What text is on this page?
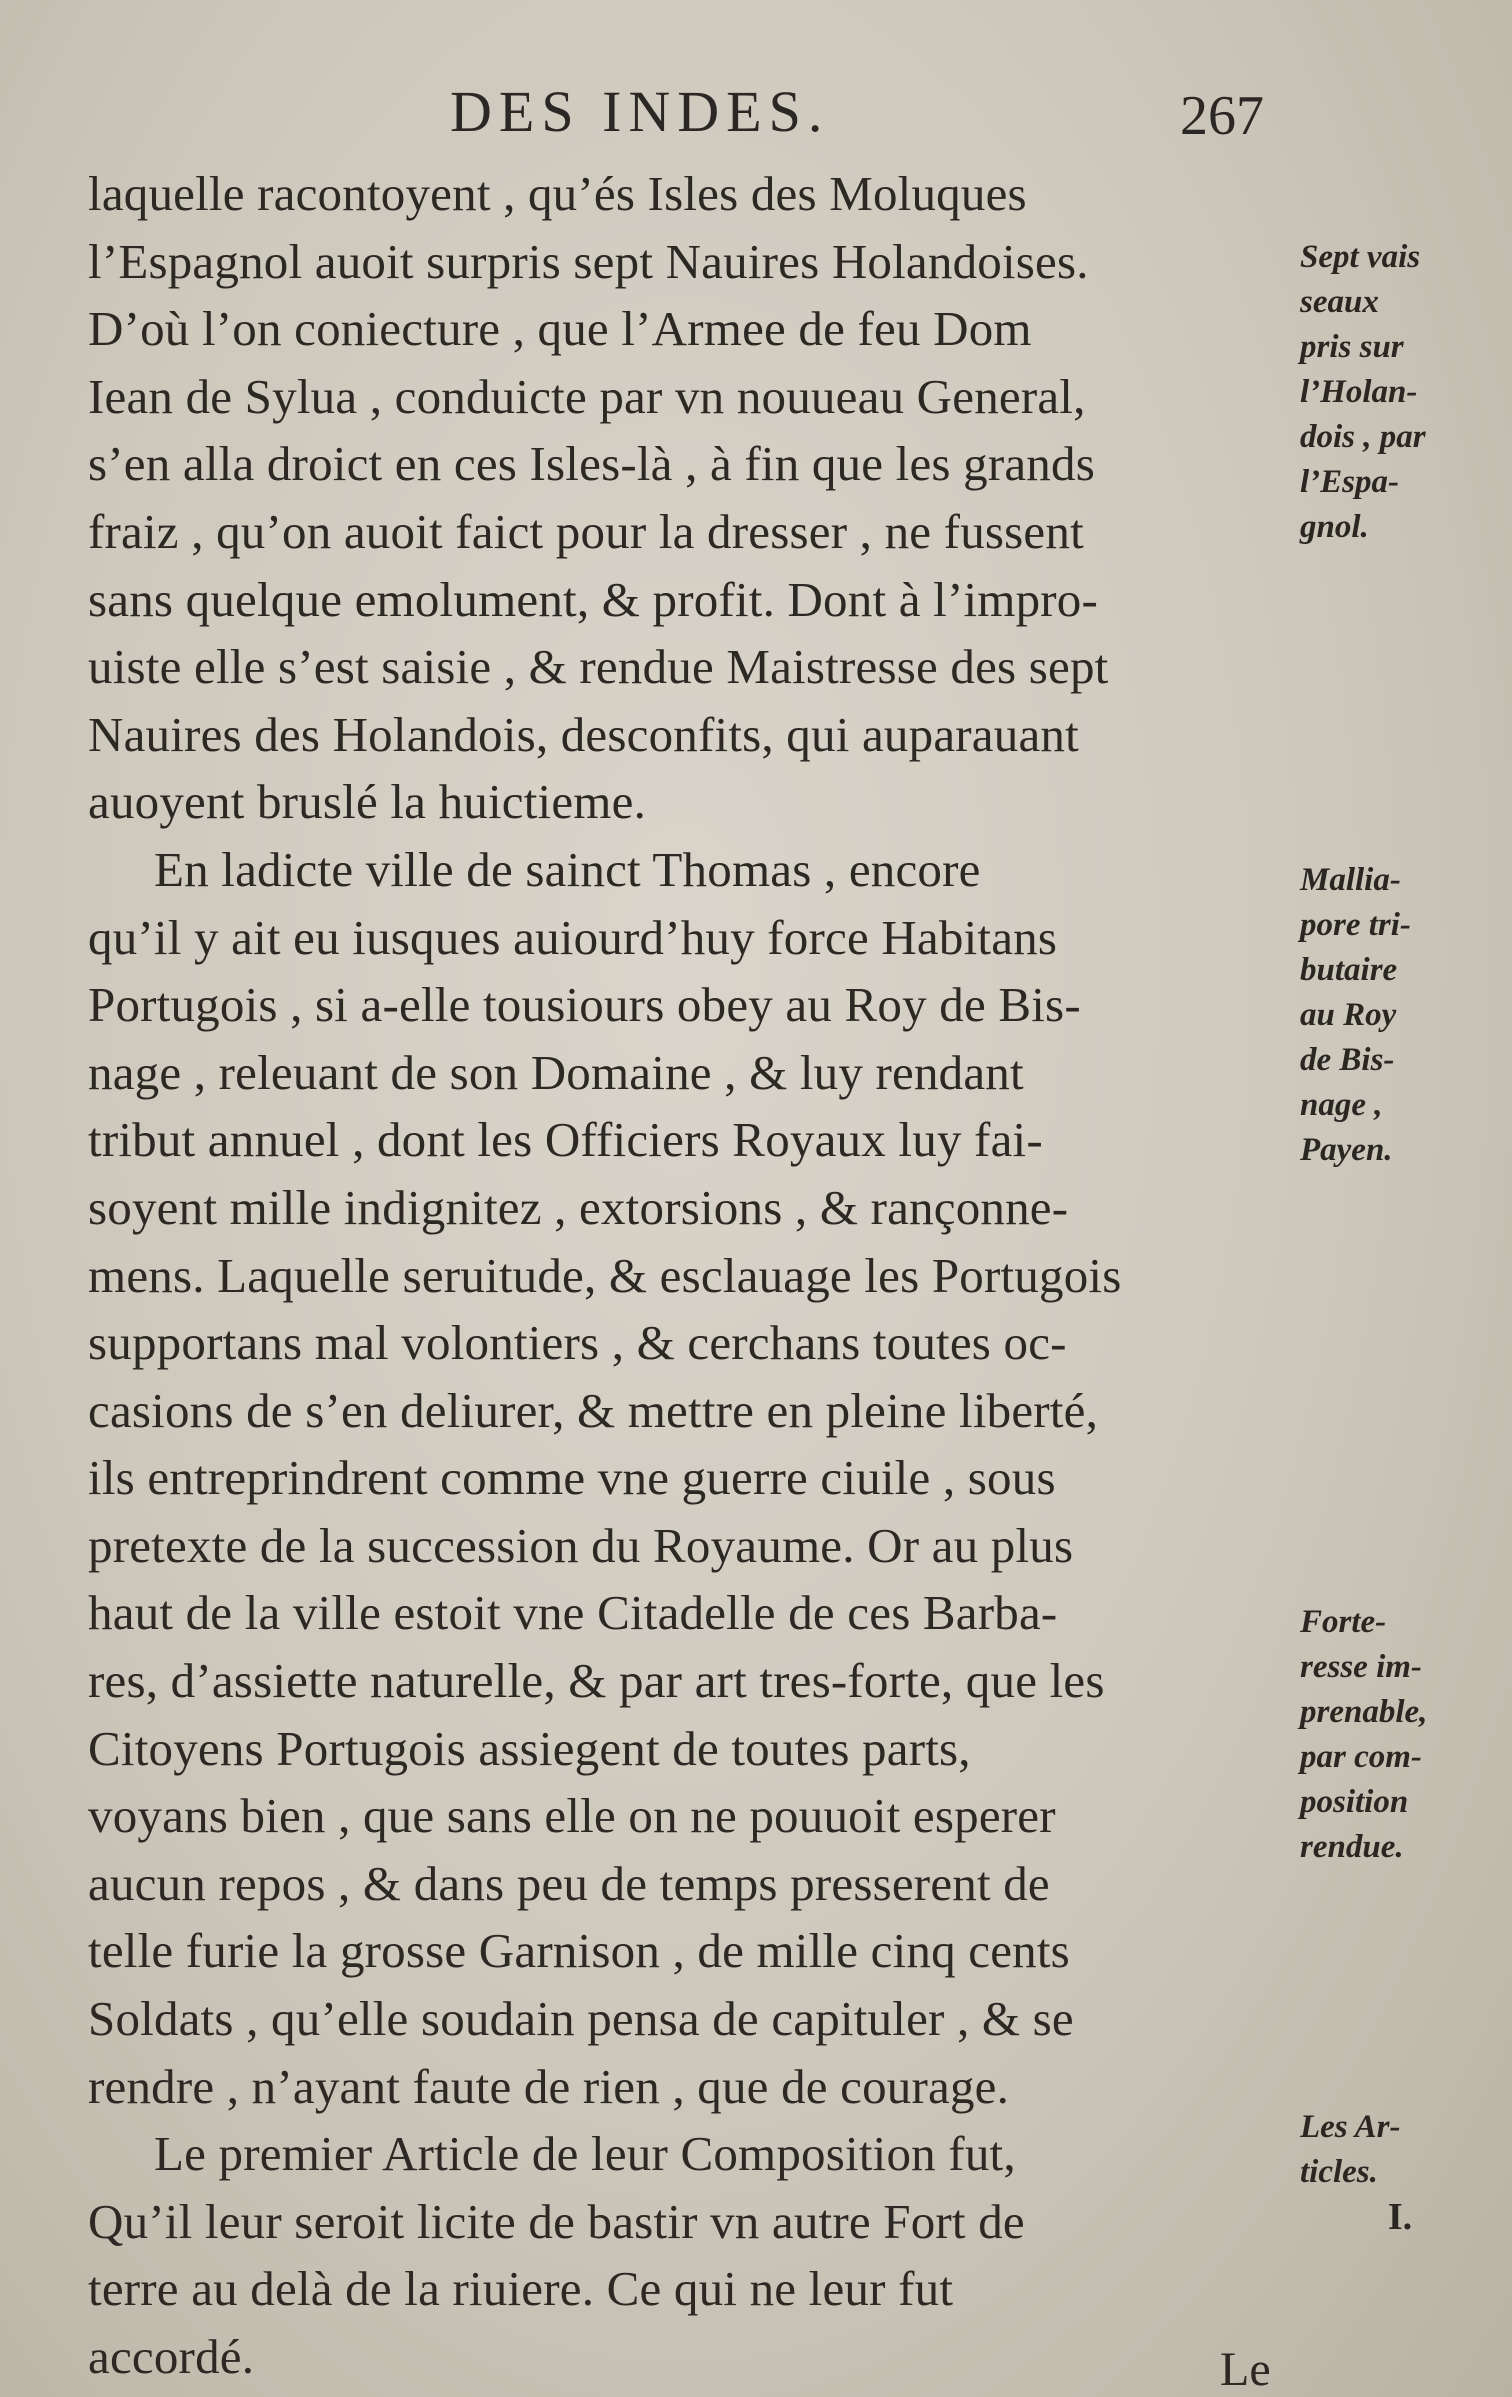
DES INDES.	267
laquelle racontoyent , qu’és Isles des Moluques
l’Espagnol auoit surpris sept Nauires Holandoises.
D’où l’on coniecture , que l’Armee de feu Dom
Iean de Sylua , conduicte par vn nouueau General,
s’en alla droict en ces Isles-là , à fin que les grands
fraiz , qu’on auoit faict pour la dresser , ne fussent
sans quelque emolument, & profit. Dont à l’impro-
uiste elle s’est saisie , & rendue Maistresse des sept
Nauires des Holandois, desconfits, qui auparauant
auoyent bruslé la huictieme.
En ladicte ville de sainct Thomas , encore
qu’il y ait eu iusques auiourd’huy force Habitans
Portugois , si a-elle tousiours obey au Roy de Bis-
nage , releuant de son Domaine , & luy rendant
tribut annuel , dont les Officiers Royaux luy fai-
soyent mille indignitez , extorsions , & rançonne-
mens. Laquelle seruitude, & esclauage les Portugois
supportans mal volontiers , & cerchans toutes oc-
casions de s’en deliurer, & mettre en pleine liberté,
ils entreprindrent comme vne guerre ciuile , sous
pretexte de la succession du Royaume. Or au plus
haut de la ville estoit vne Citadelle de ces Barba-
res, d’assiette naturelle, & par art tres-forte, que les
Citoyens Portugois assiegent de toutes parts,
voyans bien , que sans elle on ne pouuoit esperer
aucun repos , & dans peu de temps presserent de
telle furie la grosse Garnison , de mille cinq cents
Soldats , qu’elle soudain pensa de capituler , & se
rendre , n’ayant faute de rien , que de courage.
Le premier Article de leur Composition fut,
Qu’il leur seroit licite de bastir vn autre Fort de
terre au delà de la riuiere. Ce qui ne leur fut
accordé.
Sept vais
seaux
pris sur
l’Holan-
dois , par
l’Espa-
gnol.
Mallia-
pore tri-
butaire
au Roy
de Bis-
nage ,
Payen.
Forte-
resse im-
prenable,
par com-
position
rendue.
Les Ar-
ticles.
I.
Le
